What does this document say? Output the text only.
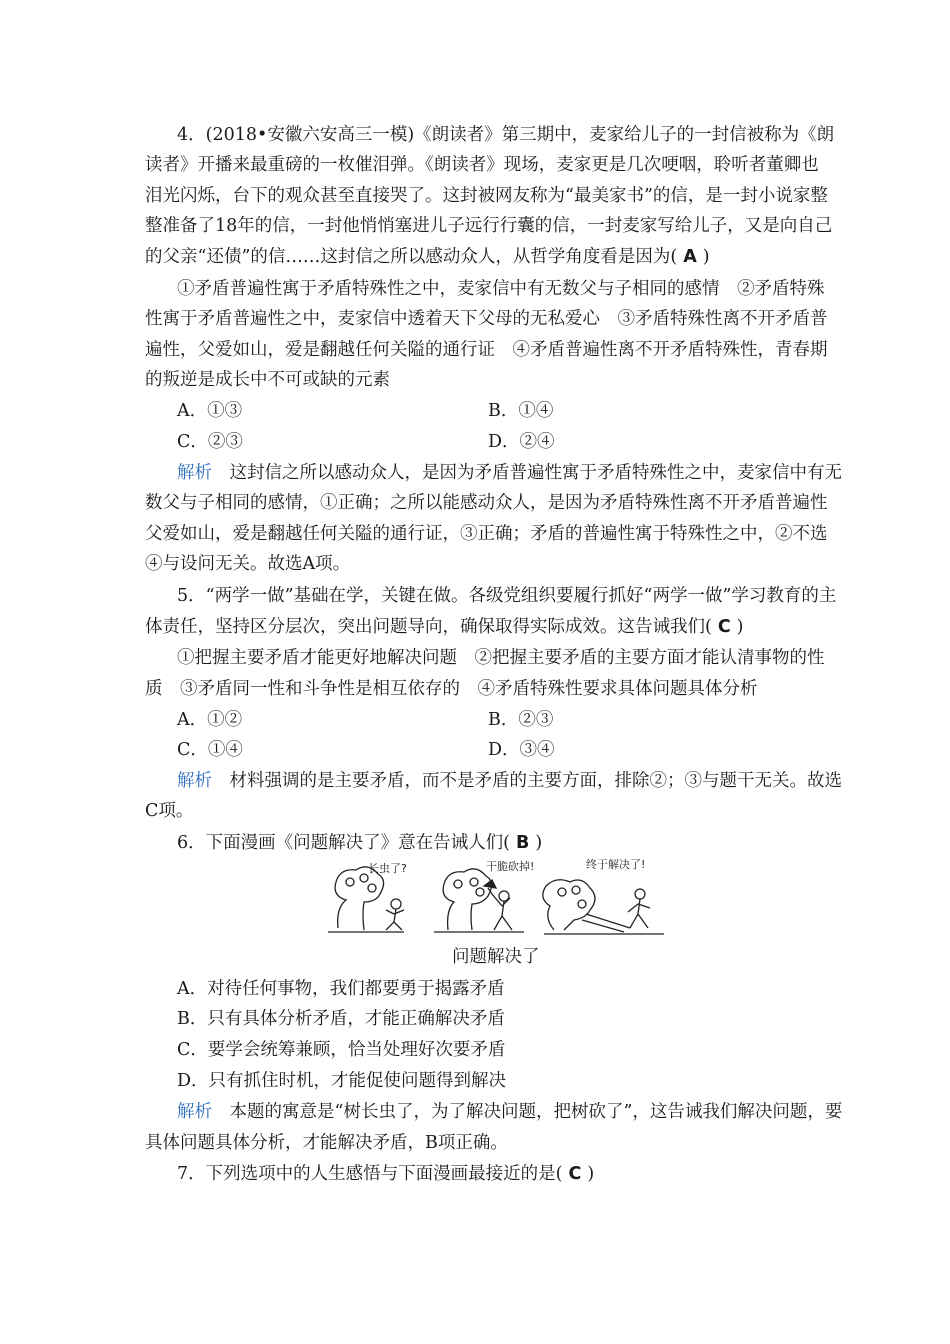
4．(2018•安徽六安高三一模)《朗读者》第三期中，麦家给儿子的一封信被称为《朗
读者》开播来最重磅的一枚催泪弹。《朗读者》现场，麦家更是几次哽咽，聆听者董卿也
泪光闪烁，台下的观众甚至直接哭了。这封被网友称为“最美家书”的信，是一封小说家整
整准备了18年的信，一封他悄悄塞进儿子远行行囊的信，一封麦家写给儿子，又是向自己
的父亲“还债”的信……这封信之所以感动众人，从哲学角度看是因为( A )
①矛盾普遍性寓于矛盾特殊性之中，麦家信中有无数父与子相同的感情　②矛盾特殊
性寓于矛盾普遍性之中，麦家信中透着天下父母的无私爱心　③矛盾特殊性离不开矛盾普
遍性，父爱如山，爱是翻越任何关隘的通行证　④矛盾普遍性离不开矛盾特殊性，青春期
的叛逆是成长中不可或缺的元素
A．①③	B．①④
C．②③	D．②④
解析　这封信之所以感动众人，是因为矛盾普遍性寓于矛盾特殊性之中，麦家信中有无
数父与子相同的感情，①正确；之所以能感动众人，是因为矛盾特殊性离不开矛盾普遍性
父爱如山，爱是翻越任何关隘的通行证，③正确；矛盾的普遍性寓于特殊性之中，②不选
④与设问无关。故选A项。
5．“两学一做”基础在学，关键在做。各级党组织要履行抓好“两学一做”学习教育的主
体责任，坚持区分层次，突出问题导向，确保取得实际成效。这告诫我们( C )
①把握主要矛盾才能更好地解决问题　②把握主要矛盾的主要方面才能认清事物的性
质　③矛盾同一性和斗争性是相互依存的　④矛盾特殊性要求具体问题具体分析
A．①②	B．②③
C．①④	D．③④
解析　材料强调的是主要矛盾，而不是矛盾的主要方面，排除②；③与题干无关。故选
C项。
6．下面漫画《问题解决了》意在告诫人们( B )
长虫了?	干脆砍掉!	终于解决了!
问题解决了
A．对待任何事物，我们都要勇于揭露矛盾
B．只有具体分析矛盾，才能正确解决矛盾
C．要学会统筹兼顾，恰当处理好次要矛盾
D．只有抓住时机，才能促使问题得到解决
解析　本题的寓意是“树长虫了，为了解决问题，把树砍了”，这告诫我们解决问题，要
具体问题具体分析，才能解决矛盾，B项正确。
7．下列选项中的人生感悟与下面漫画最接近的是( C )
